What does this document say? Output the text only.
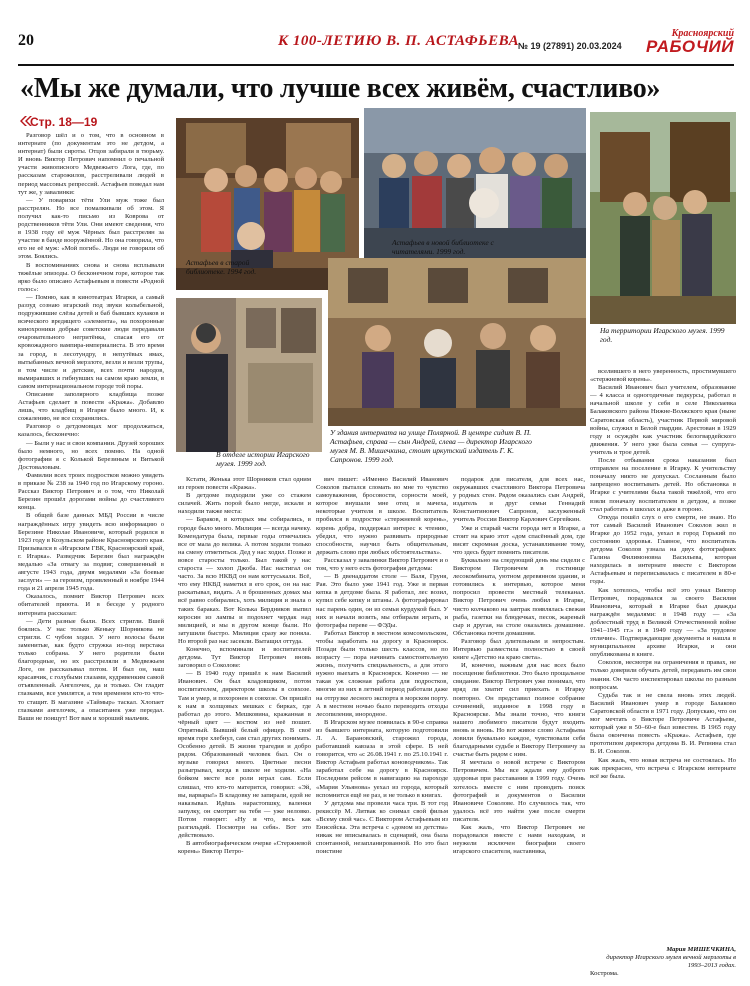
20	К 100-ЛЕТИЮ В. П. АСТАФЬЕВА
№ 19 (27891) 20.03.2024
Красноярский
РАБОЧИЙ
«Мы же думали, что лучше всех живём, счастливо»
Стр. 18—19

Разговор шёл и о том, что в основном в интернате (по документам это не детдом, а интернат) были сироты. Отцов забирали в тюрьму. И вновь Виктор Петрович напомнил о печальной участи живописного Медвежьего Лога, где, по рассказам старожилов, расстреливали людей в период массовых репрессий. Астафьев поведал нам тут же, у завалинки:

— У поварихи тёти Ули муж тоже был расстрелян. Но все помалкивали об этом. Я получил как-то письмо из Коврова от родственников тёти Ули. Они имеют сведения, что в 1938 году её муж Чёрных был расстрелян за участие в банде вооружённой. Но она говорила, что его не её муж: «Мой погиб». Люди не говорили об этом. Боялись.

В воспоминаниях снова и снова всплывали тяжёлые эпизоды. О бесконечном горе, которое так ярко было описано Астафьевым в повести «Родной голос»:

— Помню, как в кинотеатрах Игарки, а самый раззуд сознаю игарский под звуки колыбельной, подружившие слёзы детей и баб бывших кулаков и всяческого вредящего «элемента», на похоронные кинохроники добрые советские люди передавали очаровательного негритёнка, спасая его от кровожадного вампира-империалиста. В это время за город, в лесотундру, в непутёвых ямах, вытыбанных вечной мерзлоте, везли и везли трупы, в том числе и детские, всех почти народов, вымиравших и гибнувших на самом краю земли, в самом интернациональном городе той поры.

Описание заполярного кладбища позже Астафьев сделает в повести «Кража». Добавлю лишь, что кладбищ в Игарке было много. И, к сожалению, не все сохранились.

Разговор о детдомовцах мог продолжаться, казалось, бесконечно:

— Были у нас и свои компании. Друзей хороших было немного, но всех помню. На одной фотографии я с Колькой Березиным и Витькой Достоваловым.

Фамилии всех троих подростков можно увидеть в приказе № 238 за 1940 год по Игарскому гороно. Рассказ Виктор Петрович и о том, что Николай Березин прошёл дорогами войны до счастливого конца.

В общей базе данных МБД России в числе награждённых игру увидеть всю информацию о Березине Николае Ивановиче, который родился в 1923 году в Козульском районе Красноярского края. Призывался в «Игарским ГВК, Красноярский край, г. Игарка». Разведчик Березин был награждён медалью «За отвагу за подвиг, совершенный в августе 1943 года, двумя медалями «За боевые заслуги» — за героизм, проявленный в ноябре 1944 года и 21 апреля 1945 года.

Оказалось, помнит Виктор Петрович всех обитателей приюта. И в беседе у родного интерната рассказал:

— Дети разные были. Всех стригли. Вшей боялись. У нас только Женьку Шорникова не стригли. С чубом ходил. У него волосы были заменитые, как будто стружка из-под верстака только собрана. У него родители были благородные, но их расстреляли в Медвежьем Логе, он рассказывал потом. И был он, наш красавчик, с голубыми глазами, кудрявенким самой отъявленный. Ангелочек, да и только. Он гладит глазками, все умилятся, а тем временем кто-то что-то стащит. В магазине «Таймыр» таскал. Хлопает глазками ангелочек, а опаситанек уже передал. Ваши не поищут! Вот вам и хороший мальчик.

Астафьев в старой библиотеке. 1994 год.
Астафьев в новой библиотеке с читателями. 1999 год.
На территории Игарского музея. 1999 год.
В отделе истории Игарского музея. 1999 год.
У здания интерната на улице Полярной. В центре сидит В. П. Астафьев, справа — сын Андрей, слева — директор Игарского музея М. В. Мишечкина, стоит иркутский издатель Г. К. Сапронов. 1999 год.

Кстати, Женька этот Шорников стал одним из героев повести «Кража».

В детдоме подходили уже со стажем силачей. Жить порой было негде, искали и находили также места:

— Бараков, в которых мы собирались, в городе было много. Милиция — всегда начеку. Комендатура была, первые годы отмечались все от мала до велика. А потом ходили только на смену отметиться. Дед у нас ходил. Позже и вовсе старосты только. Был такой у нас староста — холоп Джоба. Нас настигал он часто. За всю НКВД он нам коттуськали. Всё, что ему НКВД наметил в его срок, он на нас раскатывал, видать. А в брошенных домах мы всё равно собирались, хоть милиция и знала о таких бараках. Вот Колька Бердников выпил керосин из лампы и подохнет чердак над милицией, и мы в другом конце были. Но затушили быстро. Милиция сразу же поняла. Но второй раз нас засекли. Вытащил оттуда.

Конечно, вспоминали и воспитателей детдома. Тут Виктор Петрович вновь заговорил о Соколове:

— В 1940 году пришёл к нам Василий Иванович. Он был кладовщиком, потом воспитателем, директором школы в совхозе. Там и умер, и похоронен в совхозе. Он пришёл к нам в холщовых мешках с бирках, где работал до этого. Мешковина, кражанная в чёрный цвет — костюм из неё пошит. Опрятный. Бывший белый офицер. В своё время горе хлебнул, сам стал других понимать. Особенно детей. В жизни трагедия и добро рядом. Образованный человек был. Он о музыке говорил много. Цветные песни разыгрывал, когда в школе не ходили. «На бойком месте все роли играл сам. Если слишал, что кто-то матерится, говорил: «Эй, вы, варвары!» В кладовку не запирали, едой не наказывал. Идёшь нарастопшку, валенки запулку, он смотрит на тебя — уже неловко. Потом говорит: «Ну и что, весь как разгильдяй. Посмотри на себя». Вот это действовало.

В автобиографическом очерке «Стержневой корень» Виктор Петро-

вич пишет: «Именно Василий Иванович Соколов пытался сломать во мне то чувство самоуважения, бросовости, сорности моей, которое внушали мне отец и мачеха, некоторые учителя в школе. Воспитатель пробился в подростке «стержневой корень», корень добра, поддержал интерес к чтению, убедил, что нужно развивать природные способности, научил быть общительным, держать слово при любых обстоятельствах».

Рассказал у завалинки Виктор Петрович и о том, что у него есть фотография детдома:

— В двенадцатом столе — Валя, Груня, Рая. Это было уже 1941 год. Уже и первая кепка в детдоме была. Я работал, лес возил, купил себе кепку и штаны. А фотографировал нас парень один, он из семьи курдукой был. У них и начали возить, мы отбирали играть, и фотографы переве — ФЭДы.

Работал Виктор в местном комсомольском, чтобы заработать на дорогу в Красноярск. Позади были только шесть классов, но по возрасту — пора начинать самостоятельную жизнь, получить специальность, а для этого нужно выехать в Красноярск. Конечно — не такая уж сложная работа для подростков, многие из них в летний период работали даже на отгрузке лесного экспорта в морском порту. А в местном ночью было переводить отходы лесопиления, инородное.

В Игарском музее появилась в 90-е справка из бывшего интерната, которую подготовили Л. А. Барановский, старожил города, работавший кавзаза в этой сфере. В ней говорится, что «с 26.08.1941 г. по 25.10.1941 г. Виктор Астафьев работал коноводчиком». Так заработал себе на дорогу в Красноярск. Последним рейсом в навигацию на пароходе «Мария Ульянова» уехал из города, который вспомнится ещё не раз, и не только в книгах.

У детдома мы провели часа три. В тот год рекиссёр М. Литвак ко снимал свой фильм «Всему свой час». С Виктором Астафьевым из Енисейска. Эта встреча с «домом из детства» никак не вписывалась в сценарий, она была спонтанной, незапланированной. Но это был поистине

подарок для писателя, для всех нас, окружавших счастливого Виктора Петровича у родных стен. Рядом оказались сын Андрей, издатель и друг семьи Геннадий Константинович Сапронов, заслуженный учитель России Виктор Карлович Сергейкин.

Уже и старый части города нет в Игарке, а стоит на краю этот «дом спасённый дом, где висят скромная доска, устанавливание тому, что здесь будет помнить писателя.

Буквально на следующий день мы сидели с Виктором Петровичем в гостинице лесокомбината, уютном деревянном здании, и готовились к интервью, которое меня попросил провести местный телеканал. Виктор Петрович очень любил в Игарке, чисто колчаково на завтрак появлялась свежая рыба, газетки на блюдечках, песок, жареный сыр и другая, на столе оказались домашние. Обстановка почти домашняя.

Разговор был длительным и непростым. Интервью разместила полностью в своей книге «Детство на краю света».

И, конечно, важным для нас всех было посещение библиотеки. Это было прощальное свидание. Виктор Петрович уже понимал, что вряд ли хватит сил приехать в Игарку повторно. Он представил полное собрание сочинений, изданное в 1998 году в Красноярске. Мы знали точно, что книги нашего любимого писателя будут входить вновь и вновь. Но вот живое слово Астафьева ловили буквально каждое, чувствовали себя благодарными судьбе и Виктору Петровичу за счастье быть рядом с ним.

Я мечтала о новой встрече с Виктором Петровичем. Мы все ждали ему доброго здоровья при расставании в 1999 году. Очень хотелось вместе с ним проводить поиск фотографий и документов о Василии Ивановиче Соколове. Но случилось так, что удалось всё это найти уже после смерти писателя.

Как жаль, что Виктор Петрович не порадовался вместе с нами находкам, и неужели исключен биографии своего игарского спасителя, наставника,

вселившего в него уверенность, простимувшего «стержневой корень».

Василий Иванович был учителем, образование — 4 класса и одногодичные педкурсы, работал в начальной школе у себя в селе Николаевка Балаковского района Нижне-Волжского края (ныне Саратовская область), участник Первой мировой войны, служил в Белой гвардии. Арестован в 1929 году и осуждён как участник белогвардейского движения. У него уже была семья — супруга-учитель и трое детей.

После отбывания срока наказания был отправлен на поселение в Игарку. К учительству поначалу никто не допускал. Сосланным было запрещено воспитывать детей. Но обстановка в Игарке с учителями была такой тяжёлой, что его взяли поначалу воспитателем в детдом, а позже стал работать в школах и даже в гороно.

Откуда пошёл слух о его смерти, не знаю. Но тот самый Василий Иванович Соколов жил в Игарке до 1952 года, уехал в город Горький по состоянию здоровья. Главное, что воспитатель детдома Соколов узнала на двух фотографиях Галина Филимоновна Васильева, которая находилась в интернате вместе с Виктором Астафьевым и переписывалась с писателем в 80-е годы.

Как хотелось, чтобы всё это узнал Виктор Петрович, порадовался за своего Василия Ивановича, который в Игарке был дважды награждён медалями: в 1948 году — «За доблестный труд в Великой Отечественной войне 1941–1945 гг.» и в 1949 году — «За трудовое отличие». Подтверждающие документы и нашла в муниципальном архиве Игарки, и они опубликованы в книге.

Соколов, несмотря на ограничения в правах, не только доверили обучать детей, передавать им свои знания. Он часто инспектировал школы по разным вопросам.

Судьба так и не свела вновь этих людей. Василий Иванович умер в городе Балаково Саратовской области в 1971 году. Допускаю, что он мог мечтать о Викторе Петровиче Астафьеве, который уже в 50–60-е был известен. В 1965 году была окончена повесть «Кража». Астафьев, где прототипом директора детдома В. И. Репнина стал В. И. Соколов.

Как жаль, что новая встреча не состоялась. Но как прекрасно, что встреча с Игарском интернате всё же была.

Мария МИШЕЧКИНА,
директор Игарского музея вечной мерзлоты в 1993–2013 годах.
Кострома.
